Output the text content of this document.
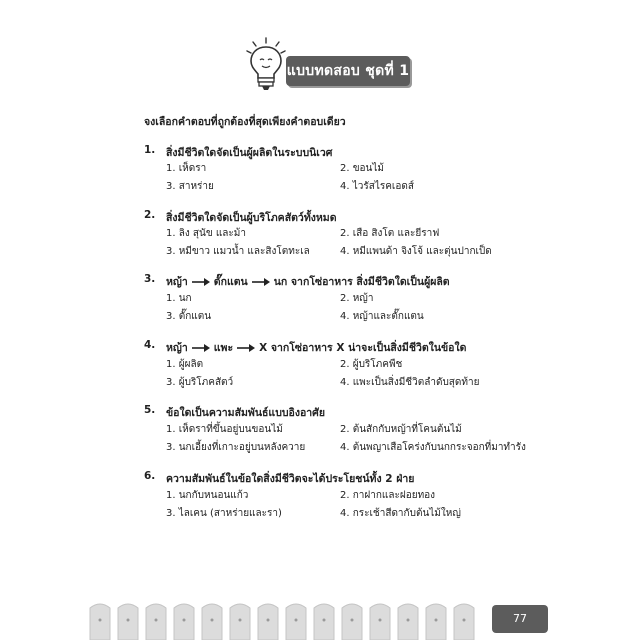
แบบทดสอบ ชุดที่ 1
จงเลือกคำตอบที่ถูกต้องที่สุดเพียงคำตอบเดียว
1. สิ่งมีชีวิตใดจัดเป็นผู้ผลิตในระบบนิเวศ
1. เห็ดรา	2. ขอนไม้
3. สาหร่าย	4. ไวรัสไรคเอดส์
2. สิ่งมีชีวิตใดจัดเป็นผู้บริโภคสัตว์ทั้งหมด
1. ลิง สุนัข และม้า	2. เสือ สิงโต และยีราฟ
3. หมีขาว แมวน้ำ และสิงโตทะเล	4. หมีแพนด้า จิงโจ้ และตุ่นปากเป็ด
3. หญ้า ตั๊กแตน นก จากโซ่อาหาร สิ่งมีชีวิตใดเป็นผู้ผลิต
1. นก	2. หญ้า
3. ตั๊กแตน	4. หญ้าและตั๊กแตน
4. หญ้า แพะ X จากโซ่อาหาร X น่าจะเป็นสิ่งมีชีวิตในข้อใด
1. ผู้ผลิต	2. ผู้บริโภคพืช
3. ผู้บริโภคสัตว์	4. แพะเป็นสิ่งมีชีวิตลำดับสุดท้าย
5. ข้อใดเป็นความสัมพันธ์แบบอิงอาศัย
1. เห็ดราที่ขึ้นอยู่บนขอนไม้	2. ต้นสักกับหญ้าที่โคนต้นไม้
3. นกเอี้ยงที่เกาะอยู่บนหลังควาย	4. ต้นพญาเสือโคร่งกับนกกระจอกที่มาทำรัง
6. ความสัมพันธ์ในข้อใดสิ่งมีชีวิตจะได้ประโยชน์ทั้ง 2 ฝ่าย
1. นกกับหนอนแก้ว	2. กาฝากและฝอยทอง
3. ไลเคน (สาหร่ายและรา)	4. กระเช้าสีดากับต้นไม้ใหญ่
77
